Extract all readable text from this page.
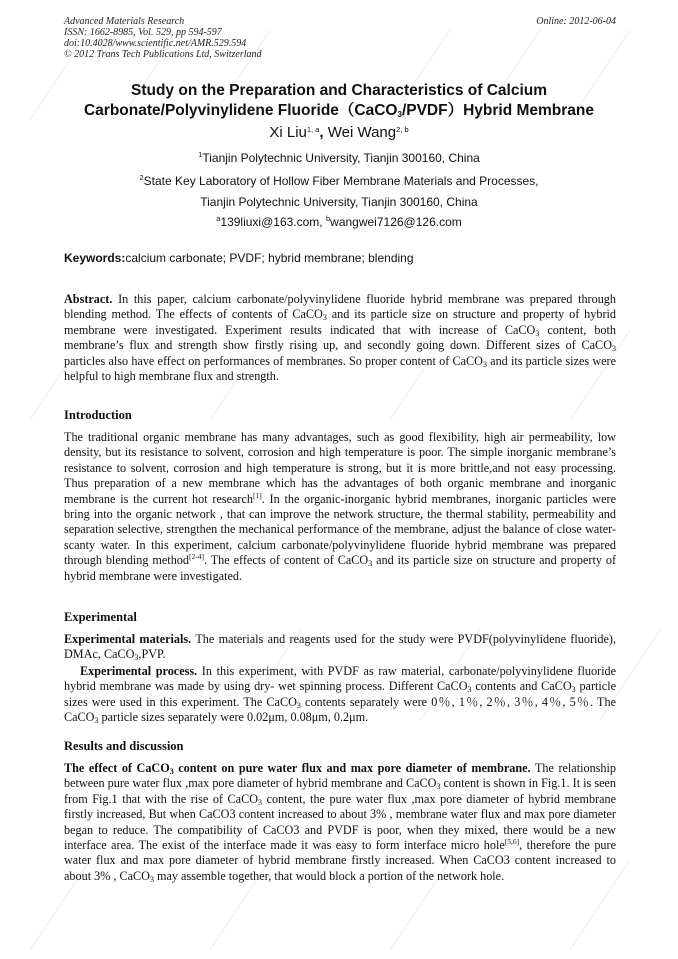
Advanced Materials Research
ISSN: 1662-8985, Vol. 529, pp 594-597
doi:10.4028/www.scientific.net/AMR.529.594
© 2012 Trans Tech Publications Ltd, Switzerland
Online: 2012-06-04
Study on the Preparation and Characteristics of Calcium
Carbonate/Polyvinylidene Fluoride（CaCO$_3$/PVDF）Hybrid Membrane
Xi Liu$^{1, a}$, Wei Wang$^{2, b}$
$^1$Tianjin Polytechnic University, Tianjin 300160, China
$^2$State Key Laboratory of Hollow Fiber Membrane Materials and Processes,
Tianjin Polytechnic University, Tianjin 300160, China
$^a$139liuxi@163.com, $^b$wangwei7126@126.com
Keywords:calcium carbonate; PVDF; hybrid membrane; blending
Abstract. In this paper, calcium carbonate/polyvinylidene fluoride hybrid membrane was prepared through blending method. The effects of contents of CaCO$_3$ and its particle size on structure and property of hybrid membrane were investigated. Experiment results indicated that with increase of CaCO$_3$ content, both membrane’s flux and strength show firstly rising up, and secondly going down. Different sizes of CaCO$_3$ particles also have effect on performances of membranes. So proper content of CaCO$_3$ and its particle sizes were helpful to high membrane flux and strength.
Introduction
The traditional organic membrane has many advantages, such as good flexibility, high air permeability, low density, but its resistance to solvent, corrosion and high temperature is poor. The simple inorganic membrane’s resistance to solvent, corrosion and high temperature is strong, but it is more brittle,and not easy processing. Thus preparation of a new membrane which has the advantages of both organic membrane and inorganic membrane is the current hot research[1]. In the organic-inorganic hybrid membranes, inorganic particles were bring into the organic network , that can improve the network structure, the thermal stability, permeability and separation selective, strengthen the mechanical performance of the membrane, adjust the balance of close water-scanty water. In this experiment, calcium carbonate/polyvinylidene fluoride hybrid membrane was prepared through blending method[2-4]. The effects of content of CaCO$_3$ and its particle size on structure and property of hybrid membrane were investigated.
Experimental
Experimental materials. The materials and reagents used for the study were PVDF(polyvinylidene fluoride), DMAc, CaCO$_3$,PVP.
Experimental process. In this experiment, with PVDF as raw material, carbonate/polyvinylidene fluoride hybrid membrane was made by using dry- wet spinning process. Different CaCO$_3$ contents and CaCO$_3$ particle sizes were used in this experiment. The CaCO$_3$ contents separately were 0％, 1％, 2％, 3％, 4％, 5％. The CaCO$_3$ particle sizes separately were 0.02μm, 0.08μm, 0.2μm.
Results and discussion
The effect of CaCO$_3$ content on pure water flux and max pore diameter of membrane. The relationship between pure water flux ,max pore diameter of hybrid membrane and CaCO$_3$ content is shown in Fig.1. It is seen from Fig.1 that with the rise of CaCO$_3$ content, the pure water flux ,max pore diameter of hybrid membrane firstly increased, But when CaCO3 content increased to about 3% , membrane water flux and max pore diameter began to reduce. The compatibility of CaCO3 and PVDF is poor, when they mixed, there would be a new interface area. The exist of the interface made it was easy to form interface micro hole[5,6], therefore the pure water flux and max pore diameter of hybrid membrane firstly increased. When CaCO3 content increased to about 3% , CaCO$_3$ may assemble together, that would block a portion of the network hole.
